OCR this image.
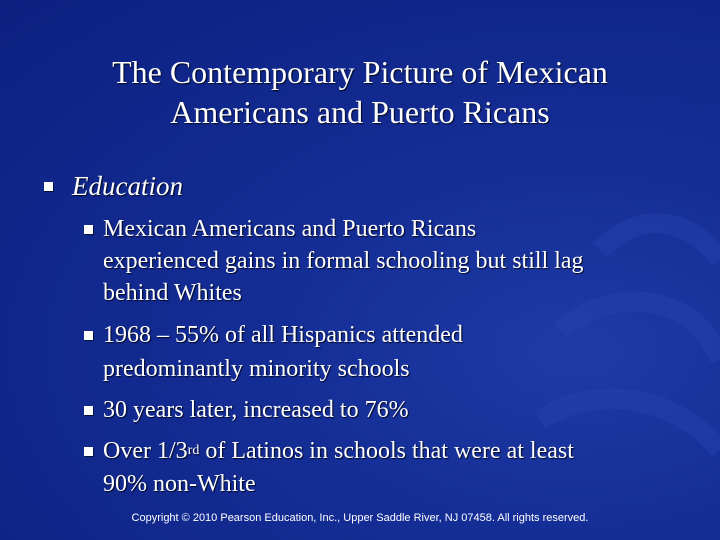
The Contemporary Picture of Mexican
Americans and Puerto Ricans
Education
Mexican Americans and Puerto Ricans
experienced gains in formal schooling but still lag
behind Whites
1968 – 55% of all Hispanics attended
predominantly minority schools
30 years later, increased to 76%
Over 1/3rd of Latinos in schools that were at least
90% non-White
Copyright © 2010 Pearson Education, Inc., Upper Saddle River, NJ 07458. All rights reserved.
